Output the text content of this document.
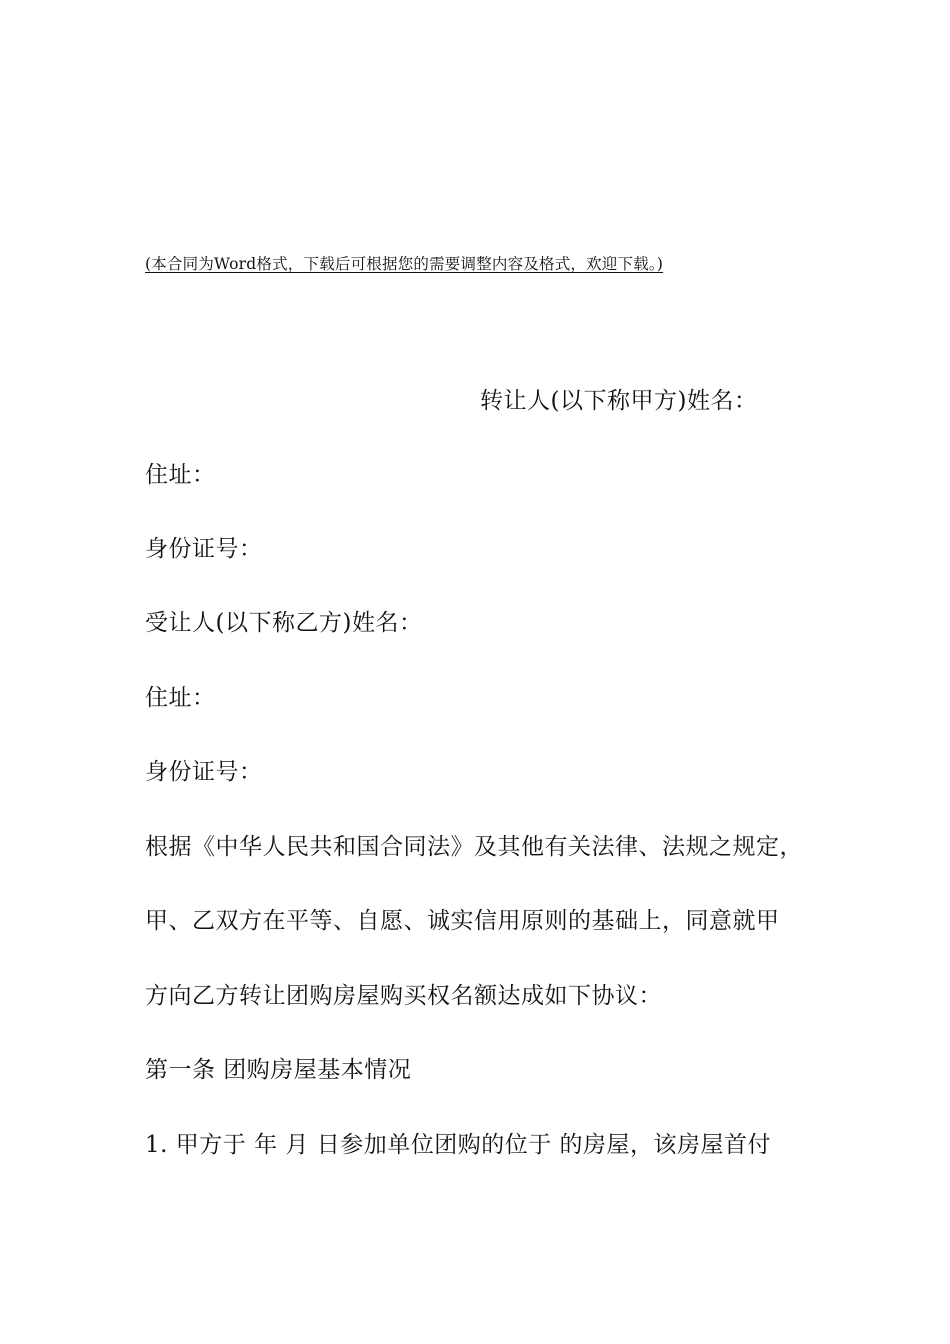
(本合同为Word格式，下载后可根据您的需要调整内容及格式，欢迎下载。)
转让人(以下称甲方)姓名：
住址：
身份证号：
受让人(以下称乙方)姓名：
住址：
身份证号：
根据《中华人民共和国合同法》及其他有关法律、法规之规定，
甲、乙双方在平等、自愿、诚实信用原则的基础上，同意就甲
方向乙方转让团购房屋购买权名额达成如下协议：
第一条 团购房屋基本情况
1. 甲方于 年 月 日参加单位团购的位于 的房屋，该房屋首付
